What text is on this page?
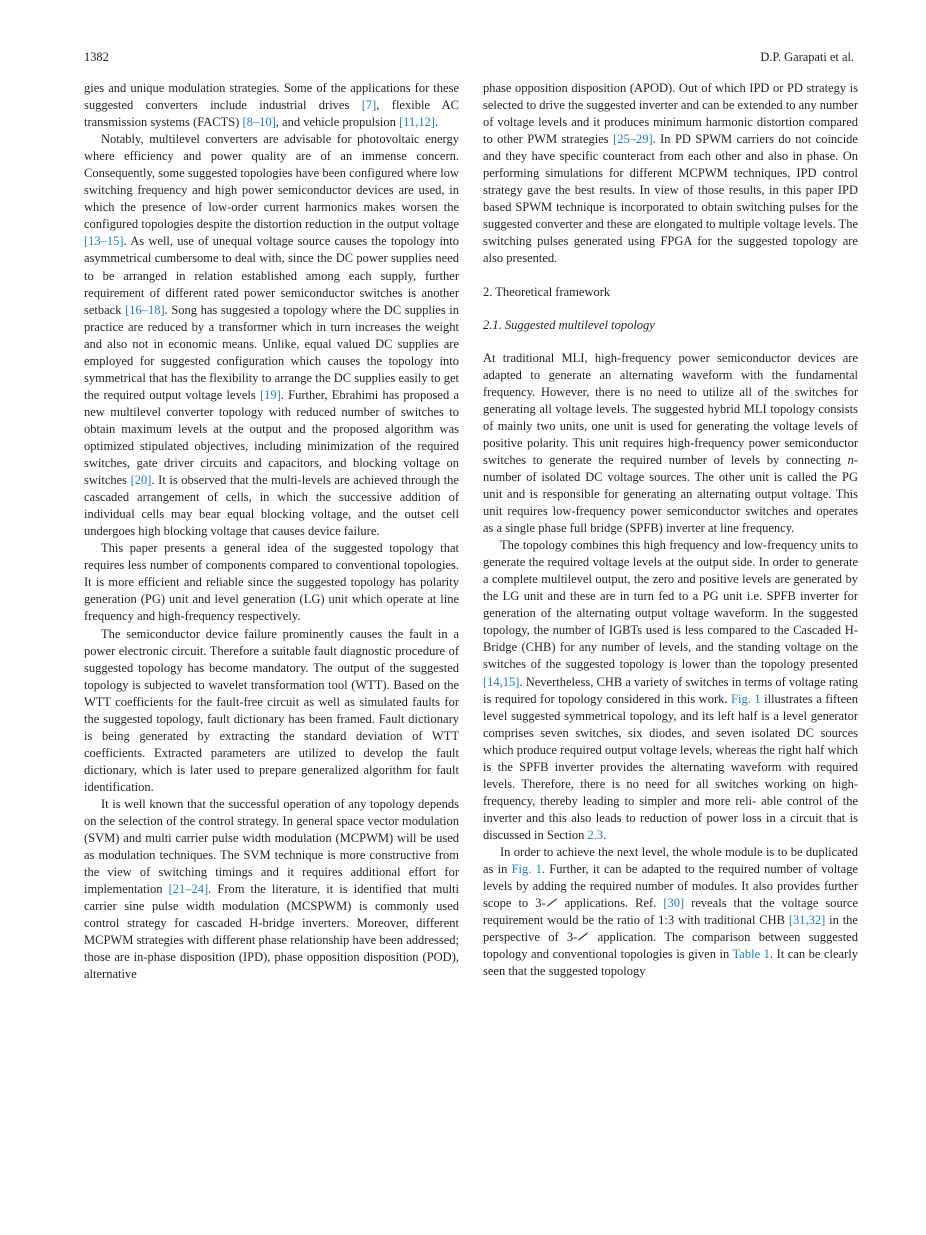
1382	D.P. Garapati et al.

gies and unique modulation strategies. Some of the applications for these suggested converters include industrial drives [7], flexible AC transmission systems (FACTS) [8–10], and vehicle propulsion [11,12].

Notably, multilevel converters are advisable for photovoltaic energy where efficiency and power quality are of an immense concern. Consequently, some suggested topologies have been configured where low switching frequency and high power semiconductor devices are used, in which the presence of low-order current harmonics makes worsen the configured topologies despite the distortion reduction in the output voltage [13–15]. As well, use of unequal voltage source causes the topology into asymmetrical cumbersome to deal with, since the DC power supplies need to be arranged in relation established among each supply, further requirement of different rated power semiconductor switches is another setback [16–18]. Song has suggested a topology where the DC supplies in practice are reduced by a transformer which in turn increases the weight and also not in economic means. Unlike, equal valued DC supplies are employed for suggested configuration which causes the topology into symmetrical that has the flexibility to arrange the DC supplies easily to get the required output voltage levels [19]. Further, Ebrahimi has proposed a new multilevel converter topology with reduced number of switches to obtain maximum levels at the output and the proposed algorithm was optimized stipulated objectives, including minimization of the required switches, gate driver circuits and capacitors, and blocking voltage on switches [20]. It is observed that the multi-levels are achieved through the cascaded arrangement of cells, in which the successive addition of individual cells may bear equal blocking voltage, and the outset cell undergoes high blocking voltage that causes device failure.

This paper presents a general idea of the suggested topology that requires less number of components compared to conventional topologies. It is more efficient and reliable since the suggested topology has polarity generation (PG) unit and level generation (LG) unit which operate at line frequency and high-frequency respectively.

The semiconductor device failure prominently causes the fault in a power electronic circuit. Therefore a suitable fault diagnostic procedure of suggested topology has become mandatory. The output of the suggested topology is subjected to wavelet transformation tool (WTT). Based on the WTT coefficients for the fault-free circuit as well as simulated faults for the suggested topology, fault dictionary has been framed. Fault dictionary is being generated by extracting the standard deviation of WTT coefficients. Extracted parameters are utilized to develop the fault dictionary, which is later used to prepare generalized algorithm for fault identification.

It is well known that the successful operation of any topology depends on the selection of the control strategy. In general space vector modulation (SVM) and multi carrier pulse width modulation (MCPWM) will be used as modulation techniques. The SVM technique is more constructive from the view of switching timings and it requires additional effort for implementation [21–24]. From the literature, it is identified that multi carrier sine pulse width modulation (MCSPWM) is commonly used control strategy for cascaded H-bridge inverters. Moreover, different MCPWM strategies with different phase relationship have been addressed; those are in-phase disposition (IPD), phase opposition disposition (POD), alternative

phase opposition disposition (APOD). Out of which IPD or PD strategy is selected to drive the suggested inverter and can be extended to any number of voltage levels and it produces minimum harmonic distortion compared to other PWM strategies [25–29]. In PD SPWM carriers do not coincide and they have specific counteract from each other and also in phase. On performing simulations for different MCPWM techniques, IPD control strategy gave the best results. In view of those results, in this paper IPD based SPWM technique is incorporated to obtain switching pulses for the suggested converter and these are elongated to multiple voltage levels. The switching pulses generated using FPGA for the suggested topology are also presented.

2. Theoretical framework
2.1. Suggested multilevel topology

At traditional MLI, high-frequency power semiconductor devices are adapted to generate an alternating waveform with the fundamental frequency. However, there is no need to utilize all of the switches for generating all voltage levels. The suggested hybrid MLI topology consists of mainly two units, one unit is used for generating the voltage levels of positive polarity. This unit requires high-frequency power semiconductor switches to generate the required number of levels by connecting n-number of isolated DC voltage sources. The other unit is called the PG unit and is responsible for generating an alternating output voltage. This unit requires low-frequency power semiconductor switches and operates as a single phase full bridge (SPFB) inverter at line frequency.

The topology combines this high frequency and low-frequency units to generate the required voltage levels at the output side. In order to generate a complete multilevel output, the zero and positive levels are generated by the LG unit and these are in turn fed to a PG unit i.e. SPFB inverter for generation of the alternating output voltage waveform. In the suggested topology, the number of IGBTs used is less compared to the Cascaded H-Bridge (CHB) for any number of levels, and the standing voltage on the switches of the suggested topology is lower than the topology presented [14,15]. Nevertheless, CHB a variety of switches in terms of voltage rating is required for topology considered in this work. Fig. 1 illustrates a fifteen level suggested symmetrical topology, and its left half is a level generator comprises seven switches, six diodes, and seven isolated DC sources which produce required output voltage levels, whereas the right half which is the SPFB inverter provides the alternating waveform with required levels. Therefore, there is no need for all switches working on high-frequency, thereby leading to simpler and more reli- able control of the inverter and this also leads to reduction of power loss in a circuit that is discussed in Section 2.3.

In order to achieve the next level, the whole module is to be duplicated as in Fig. 1. Further, it can be adapted to the required number of voltage levels by adding the required number of modules. It also provides further scope to 3- applications. Ref. [30] reveals that the voltage source requirement would be the ratio of 1:3 with traditional CHB [31,32] in the perspective of 3- application. The comparison between suggested topology and conventional topologies is given in Table 1. It can be clearly seen that the suggested topology
